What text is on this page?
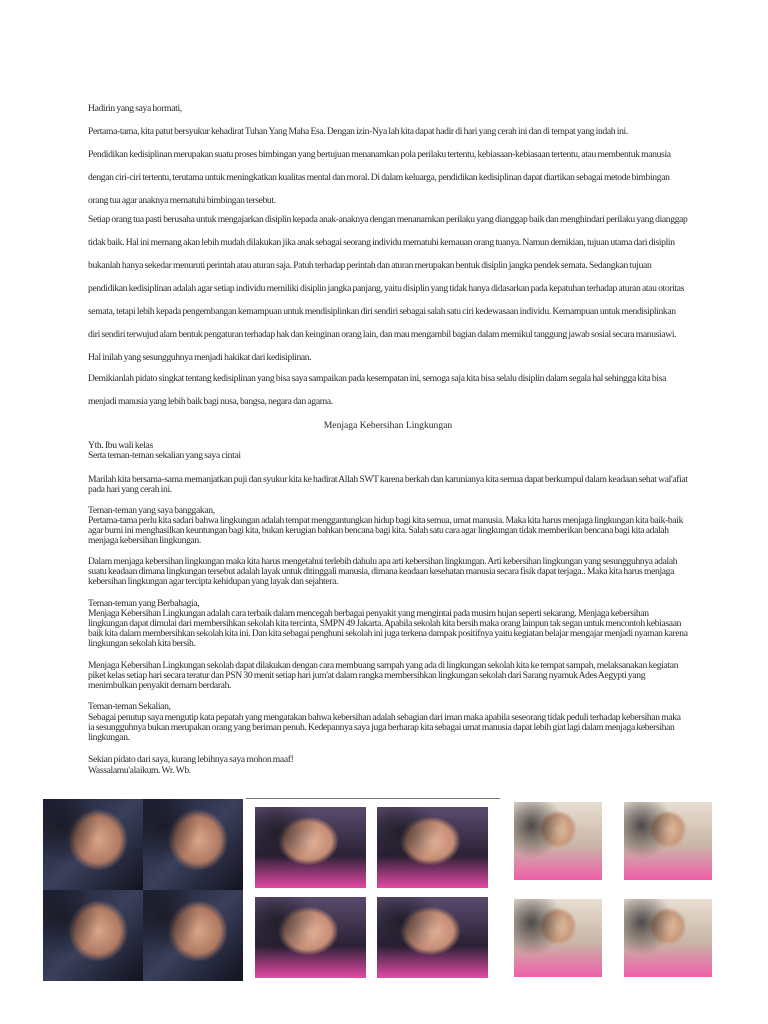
Hadirin yang saya hormati,
Pertama-tama, kita patut bersyukur kehadirat Tuhan Yang Maha Esa. Dengan izin-Nya lah kita dapat hadir di hari yang cerah ini dan di tempat yang indah ini.
Pendidikan kedisiplinan merupakan suatu proses bimbingan yang bertujuan menanamkan pola perilaku tertentu, kebiasaan-kebiasaan tertentu, atau membentuk manusia dengan ciri-ciri tertentu, terutama untuk meningkatkan kualitas mental dan moral. Di dalam keluarga, pendidikan kedisiplinan dapat diartikan sebagai metode bimbingan orang tua agar anaknya mematuhi bimbingan tersebut.
Setiap orang tua pasti berusaha untuk mengajarkan disiplin kepada anak-anaknya dengan menanamkan perilaku yang dianggap baik dan menghindari perilaku yang dianggap tidak baik. Hal ini memang akan lebih mudah dilakukan jika anak sebagai seorang individu mematuhi kemauan orang tuanya. Namun demikian, tujuan utama dari disiplin bukanlah hanya sekedar menuruti perintah atau aturan saja. Patuh terhadap perintah dan aturan merupakan bentuk disiplin jangka pendek semata. Sedangkan tujuan pendidikan kedisiplinan adalah agar setiap individu memiliki disiplin jangka panjang, yaitu disiplin yang tidak hanya didasarkan pada kepatuhan terhadap aturan atau otoritas semata, tetapi lebih kepada pengembangan kemampuan untuk mendisiplinkan diri sendiri sebagai salah satu ciri kedewasaan individu. Kemampuan untuk mendisiplinkan diri sendiri terwujud alam bentuk pengaturan terhadap hak dan keinginan orang lain, dan mau mengambil bagian dalam memikul tanggung jawab sosial secara manusiawi. Hal inilah yang sesungguhnya menjadi hakikat dari kedisiplinan.
Demikianlah pidato singkat tentang kedisiplinan yang bisa saya sampaikan pada kesempatan ini, semoga saja kita bisa selalu disiplin dalam segala hal sehingga kita bisa menjadi manusia yang lebih baik bagi nusa, bangsa, negara dan agama.
Menjaga Kebersihan Lingkungan
Yth. Ibu wali kelas
Serta teman-teman sekalian yang saya cintai
Marilah kita bersama-sama memanjatkan puji dan syukur kita ke hadirat Allah SWT karena berkah dan karunianya kita semua dapat berkumpul dalam keadaan sehat wal'afiat pada hari yang cerah ini.
Teman-teman yang saya banggakan,
Pertama-tama perlu kita sadari bahwa lingkungan adalah tempat menggantungkan hidup bagi kita semua, umat manusia. Maka kita harus menjaga lingkungan kita baik-baik agar bumi ini menghasilkan keuntungan bagi kita, bukan kerugian bahkan bencana bagi kita. Salah satu cara agar lingkungan tidak memberikan bencana bagi kita adalah menjaga kebersihan lingkungan.
Dalam menjaga kebersihan lingkungan maka kita harus mengetahui terlebih dahulu apa arti kebersihan lingkungan. Arti kebersihan lingkungan yang sesungguhnya adalah suatu keadaan dimana lingkungan tersebut adalah layak untuk ditinggali manusia, dimana keadaan kesehatan manusia secara fisik dapat terjaga.. Maka kita harus menjaga kebersihan lingkungan agar tercipta kehidupan yang layak dan sejahtera.
Teman-teman yang Berbahagia,
Menjaga Kebersihan Lingkungan adalah cara terbaik dalam mencegah berbagai penyakit yang mengintai pada musim hujan seperti sekarang. Menjaga kebersihan lingkungan dapat dimulai dari membersihkan sekolah kita tercinta, SMPN 49 Jakarta. Apabila sekolah kita bersih maka orang lainpun tak segan untuk mencontoh kebiasaan baik kita dalam membersihkan sekolah kita ini. Dan kita sebagai penghuni sekolah ini juga terkena dampak positifnya yaitu kegiatan belajar mengajar menjadi nyaman karena lingkungan sekolah kita bersih.
Menjaga Kebersihan Lingkungan sekolah dapat dilakukan dengan cara membuang sampah yang ada di lingkungan sekolah kita ke tempat sampah, melaksanakan kegiatan piket kelas setiap hari secara teratur dan PSN 30 menit setiap hari jum'at dalam rangka membersihkan lingkungan sekolah dari Sarang nyamuk Ades Aegypti yang menimbulkan penyakit demam berdarah.
Teman-teman Sekalian,
Sebagai penutup saya mengutip kata pepatah yang mengatakan bahwa kebersihan adalah sebagian dari iman maka apabila seseorang tidak peduli terhadap kebersihan maka ia sesungguhnya bukan merupakan orang yang beriman penuh. Kedepannya saya juga berharap kita sebagai umat manusia dapat lebih giat lagi dalam menjaga kebersihan lingkungan.
Sekian pidato dari saya, kurang lebihnya saya mohon maaf!
Wassalamu'alaikum. Wr. Wb.
